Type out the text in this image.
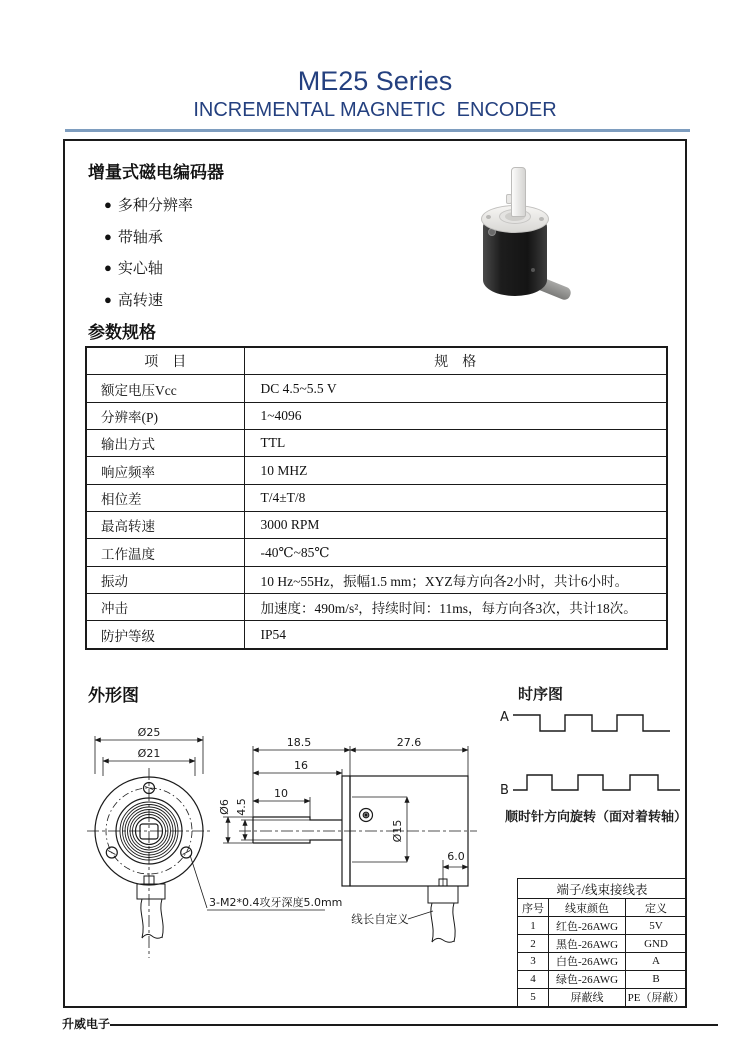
ME25 Series
INCREMENTAL MAGNETIC  ENCODER
增量式磁电编码器
● 多种分辨率
● 带轴承
● 实心轴
● 高转速
参数规格
项　目	规　格
额定电压Vcc	DC 4.5~5.5 V
分辨率(P)	1~4096
输出方式	TTL
响应频率	10 MHZ
相位差	T/4±T/8
最高转速	3000 RPM
工作温度	-40℃~85℃
振动	10 Hz~55Hz，振幅1.5 mm；XYZ每方向各2小时，共计6小时。
冲击	加速度：490m/s²，持续时间：11ms，每方向各3次，共计18次。
防护等级	IP54
外形图
Ø25
Ø21
3-M2*0.4攻牙深度5.0mm
18.5	27.6
16
10
Ø6 4.5
Ø15
6.0
线长自定义
时序图
A
B
顺时针方向旋转（面对着转轴）
端子/线束接线表		
序号	线束颜色	定义
1	红色-26AWG	5V
2	黑色-26AWG	GND
3	白色-26AWG	A
4	绿色-26AWG	B
5	屏蔽线	PE（屏蔽）
升威电子
